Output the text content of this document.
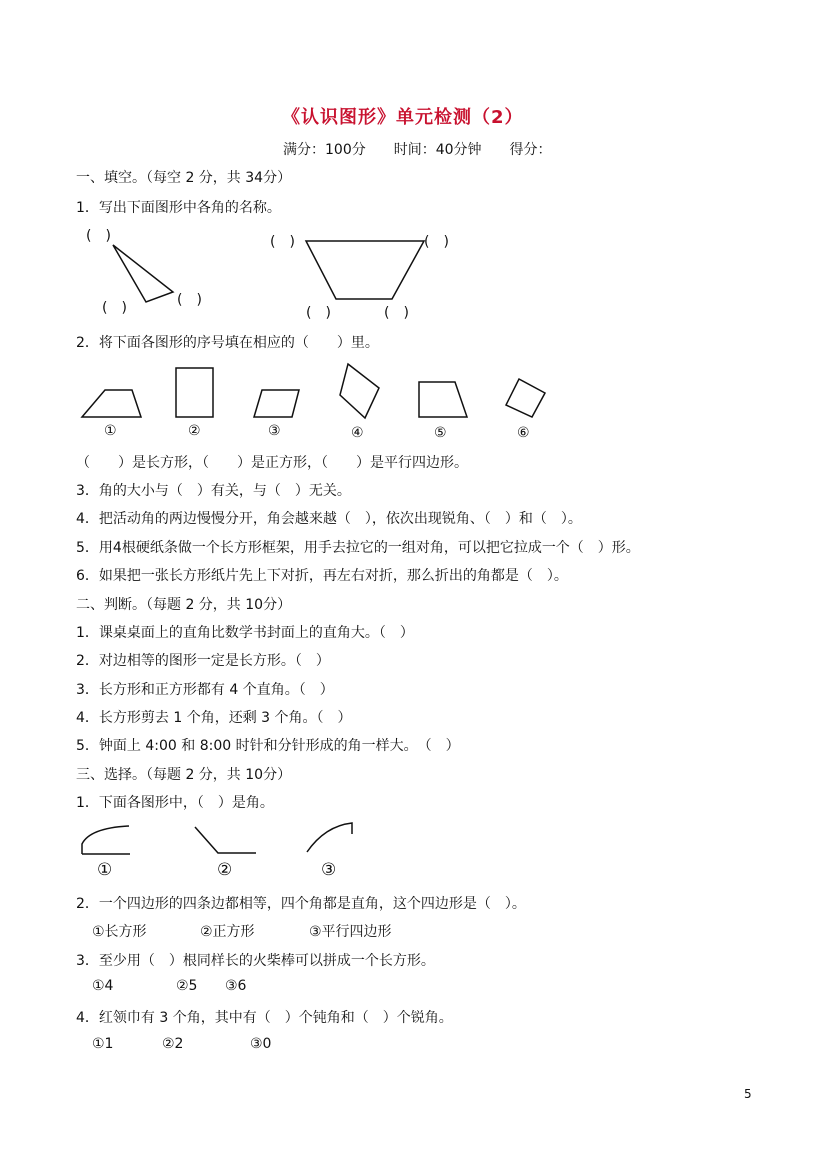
《认识图形》单元检测（2）
满分：100分　　时间：40分钟　　得分：
一、填空。（每空 2 分，共 34分）
1．写出下面图形中各角的名称。
(　)
(　)	(　)
(　)	(　)
(　)	(　)
2．将下面各图形的序号填在相应的（　　）里。
①	②	③	④	⑤	⑥
（　　）是长方形，（　　）是正方形，（　　）是平行四边形。
3．角的大小与（　）有关，与（　）无关。
4．把活动角的两边慢慢分开，角会越来越（　），依次出现锐角、（　）和（　）。
5．用4根硬纸条做一个长方形框架，用手去拉它的一组对角，可以把它拉成一个（　）形。
6．如果把一张长方形纸片先上下对折，再左右对折，那么折出的角都是（　）。
二、判断。（每题 2 分，共 10分）
1．课桌桌面上的直角比数学书封面上的直角大。（　）
2．对边相等的图形一定是长方形。（　）
3．长方形和正方形都有 4 个直角。（　）
4．长方形剪去 1 个角，还剩 3 个角。（　）
5．钟面上 4:00 和 8:00 时针和分针形成的角一样大。　（　）
三、选择。（每题 2 分，共 10分）
1．下面各图形中，（　）是角。
①	②	③
2．一个四边形的四条边都相等，四个角都是直角，这个四边形是（　）。
①长方形	②正方形	③平行四边形
3．至少用（　）根同样长的火柴棒可以拼成一个长方形。
①4	②5 ③6
4．红领巾有 3 个角，其中有（　）个钝角和（　）个锐角。
①1	②2	③0
5
